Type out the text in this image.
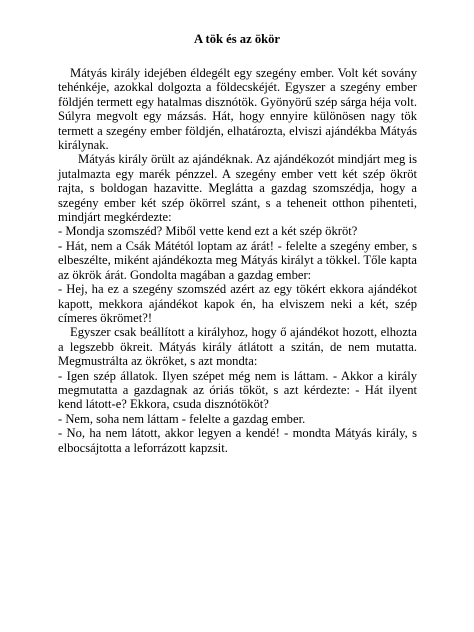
A tök és az ökör

Mátyás király idejében éldegélt egy szegény ember. Volt két sovány tehénkéje, azokkal dolgozta a földecskéjét. Egyszer a szegény ember földjén termett egy hatalmas disznótök. Gyönyörű szép sárga héja volt. Súlyra megvolt egy mázsás. Hát, hogy ennyire különösen nagy tök termett a szegény ember földjén, elhatározta, elviszi ajándékba Mátyás királynak.

Mátyás király örült az ajándéknak. Az ajándékozót mindjárt meg is jutalmazta egy marék pénzzel. A szegény ember vett két szép ökröt rajta, s boldogan hazavitte. Meglátta a gazdag szomszédja, hogy a szegény ember két szép ökörrel szánt, s a teheneit otthon pihenteti, mindjárt megkérdezte:

- Mondja szomszéd? Miből vette kend ezt a két szép ökröt?

- Hát, nem a Csák Mátétól loptam az árát! - felelte a szegény ember, s elbeszélte, miként ajándékozta meg Mátyás királyt a tökkel. Tőle kapta az ökrök árát. Gondolta magában a gazdag ember:

- Hej, ha ez a szegény szomszéd azért az egy tökért ekkora ajándékot kapott, mekkora ajándékot kapok én, ha elviszem neki a két, szép címeres ökrömet?!

Egyszer csak beállított a királyhoz, hogy ő ajándékot hozott, elhozta a legszebb ökreit. Mátyás király átlátott a szitán, de nem mutatta. Megmustrálta az ökröket, s azt mondta:

- Igen szép állatok. Ilyen szépet még nem is láttam. - Akkor a király megmutatta a gazdagnak az óriás tököt, s azt kérdezte: - Hát ilyent kend látott-e? Ekkora, csuda disznótököt?

- Nem, soha nem láttam - felelte a gazdag ember.

- No, ha nem látott, akkor legyen a kendé! - mondta Mátyás király, s elbocsájtotta a leforrázott kapzsit.
